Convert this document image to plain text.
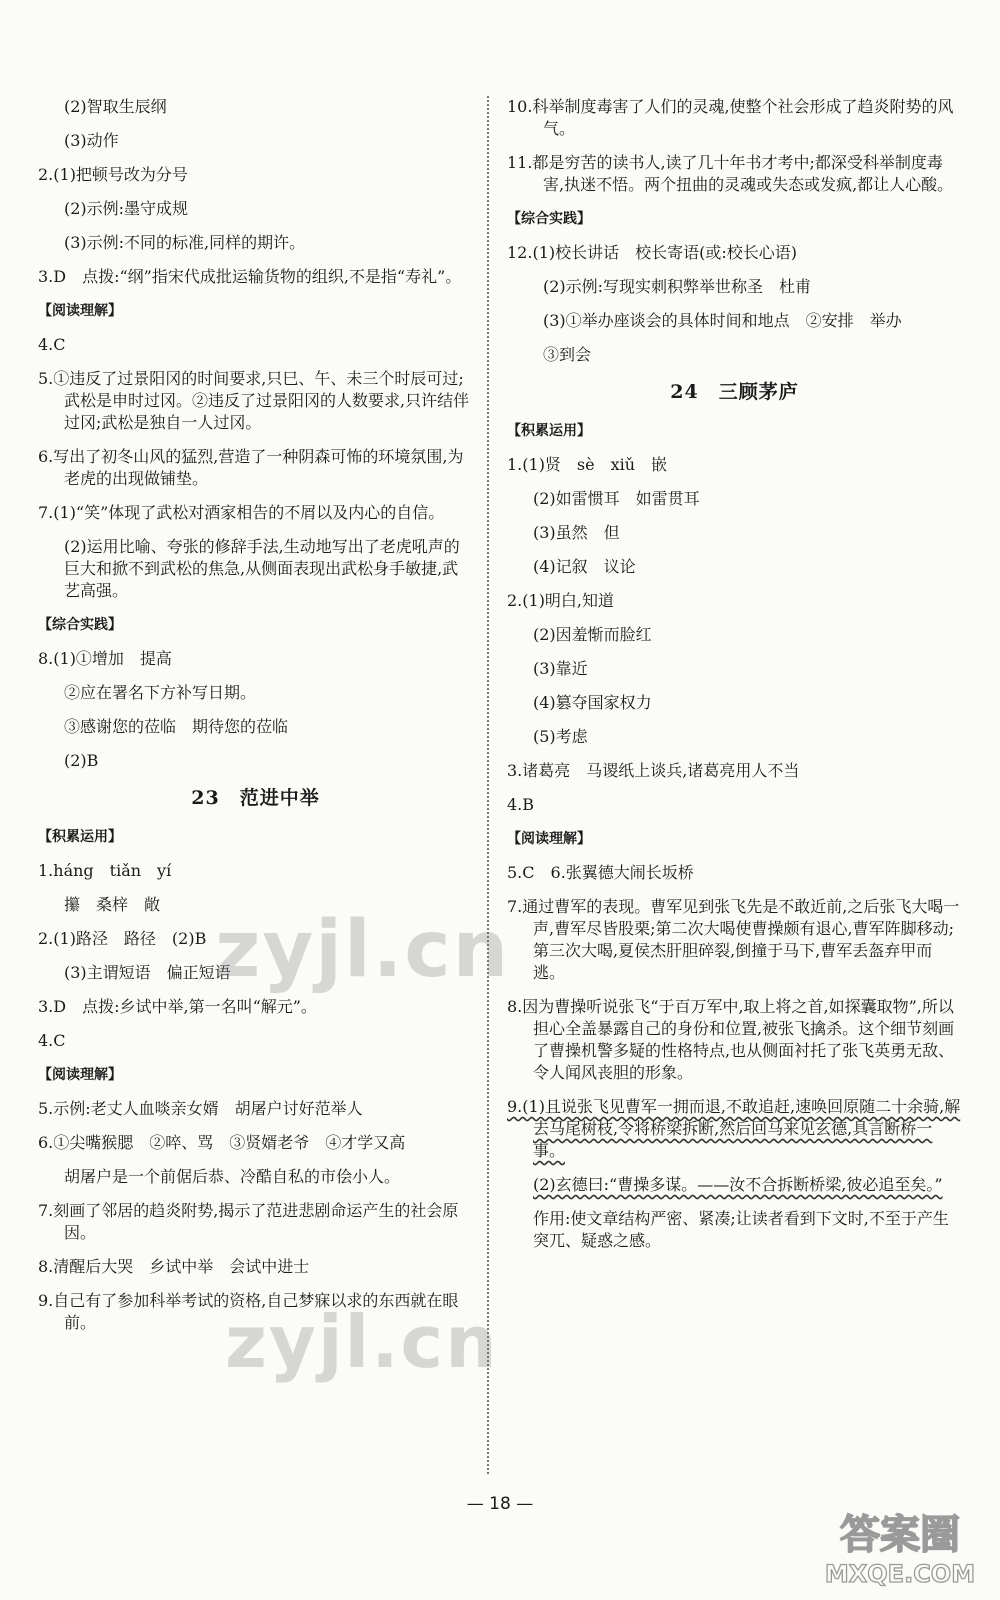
(2)智取生辰纲
(3)动作
2.(1)把顿号改为分号
(2)示例:墨守成规
(3)示例:不同的标准,同样的期许。
3.D　点拨:“纲”指宋代成批运输货物的组织,不是指“寿礼”。
【阅读理解】
4.C
5.①违反了过景阳冈的时间要求,只巳、午、未三个时辰可过;武松是申时过冈。②违反了过景阳冈的人数要求,只许结伴过冈;武松是独自一人过冈。
6.写出了初冬山风的猛烈,营造了一种阴森可怖的环境氛围,为老虎的出现做铺垫。
7.(1)“笑”体现了武松对酒家相告的不屑以及内心的自信。
(2)运用比喻、夸张的修辞手法,生动地写出了老虎吼声的巨大和掀不到武松的焦急,从侧面表现出武松身手敏捷,武艺高强。
【综合实践】
8.(1)①增加　提高
②应在署名下方补写日期。
③感谢您的莅临　期待您的莅临
(2)B
23　范进中举
【积累运用】
1.háng　tiǎn　yí
攥　桑梓　敞
2.(1)路泾　路径　(2)B
(3)主谓短语　偏正短语
3.D　点拨:乡试中举,第一名叫“解元”。
4.C
【阅读理解】
5.示例:老丈人血啖亲女婿　胡屠户讨好范举人
6.①尖嘴猴腮　②啐、骂　③贤婿老爷　④才学又高
胡屠户是一个前倨后恭、冷酷自私的市侩小人。
7.刻画了邻居的趋炎附势,揭示了范进悲剧命运产生的社会原因。
8.清醒后大哭　乡试中举　会试中进士
9.自己有了参加科举考试的资格,自己梦寐以求的东西就在眼前。
10.科举制度毒害了人们的灵魂,使整个社会形成了趋炎附势的风气。
11.都是穷苦的读书人,读了几十年书才考中;都深受科举制度毒害,执迷不悟。两个扭曲的灵魂或失态或发疯,都让人心酸。
【综合实践】
12.(1)校长讲话　校长寄语(或:校长心语)
(2)示例:写现实刺积弊举世称圣　杜甫
(3)①举办座谈会的具体时间和地点　②安排　举办
③到会
24　三顾茅庐
【积累运用】
1.(1)贤　sè　xiǔ　嵌
(2)如雷惯耳　如雷贯耳
(3)虽然　但
(4)记叙　议论
2.(1)明白,知道
(2)因羞惭而脸红
(3)靠近
(4)篡夺国家权力
(5)考虑
3.诸葛亮　马谡纸上谈兵,诸葛亮用人不当
4.B
【阅读理解】
5.C　6.张翼德大闹长坂桥
7.通过曹军的表现。曹军见到张飞先是不敢近前,之后张飞大喝一声,曹军尽皆股栗;第二次大喝使曹操颇有退心,曹军阵脚移动;第三次大喝,夏侯杰肝胆碎裂,倒撞于马下,曹军丢盔弃甲而逃。
8.因为曹操听说张飞“于百万军中,取上将之首,如探囊取物”,所以担心全盖暴露自己的身份和位置,被张飞擒杀。这个细节刻画了曹操机警多疑的性格特点,也从侧面衬托了张飞英勇无敌、令人闻风丧胆的形象。
9.(1)且说张飞见曹军一拥而退,不敢追赶,速唤回原随二十余骑,解去马尾树枝,令将桥梁拆断,然后回马来见玄德,具言断桥一事。
(2)玄德曰:“曹操多谋。——汝不合拆断桥梁,彼必追至矣。”
作用:使文章结构严密、紧凑;让读者看到下文时,不至于产生突兀、疑惑之感。
zyjl.cn
zyjl.cn
— 18 —
答案圈
MXQE.COM
